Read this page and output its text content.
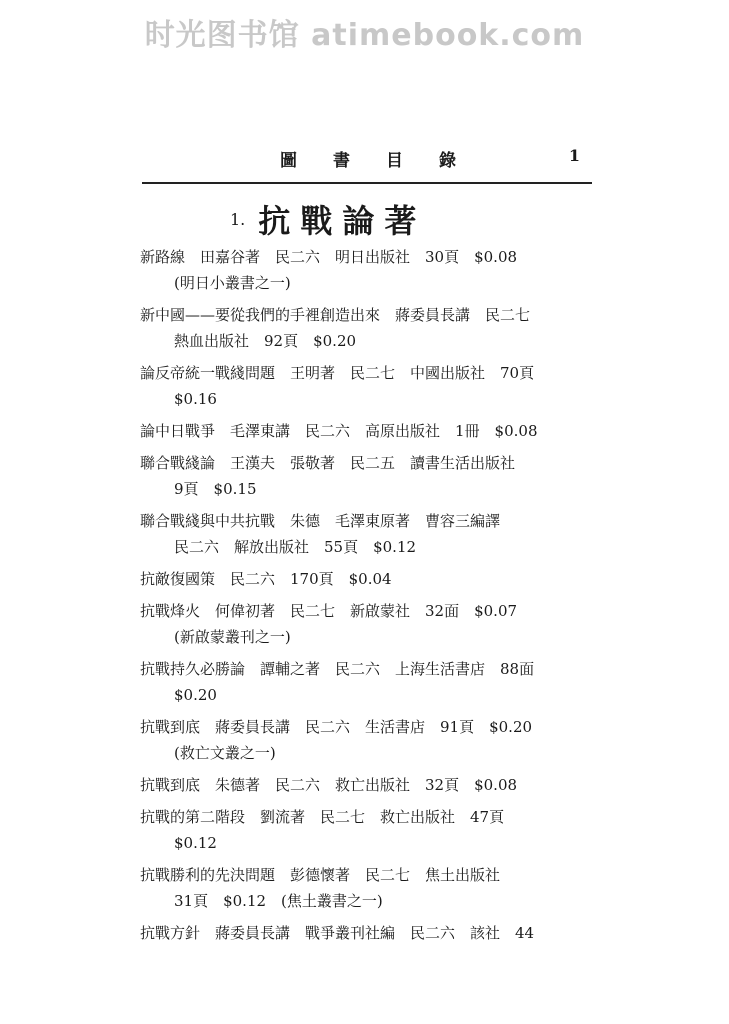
时光图书馆 atimebook.com
圖書目錄	1
1. 抗戰論著
新路線　田嘉谷著　民二六　明日出版社　30頁　$0.08
(明日小叢書之一)
新中國——要從我們的手裡創造出來　蔣委員長講　民二七
熱血出版社　92頁　$0.20
論反帝統一戰綫問題　王明著　民二七　中國出版社　70頁
$0.16
論中日戰爭　毛澤東講　民二六　高原出版社　1冊　$0.08
聯合戰綫論　王漢夫　張敬著　民二五　讀書生活出版社
9頁　$0.15
聯合戰綫與中共抗戰　朱德　毛澤東原著　曹容三編譯
民二六　解放出版社　55頁　$0.12
抗敵復國策　民二六　170頁　$0.04
抗戰烽火　何偉初著　民二七　新啟蒙社　32面　$0.07
(新啟蒙叢刊之一)
抗戰持久必勝論　譚輔之著　民二六　上海生活書店　88面
$0.20
抗戰到底　蔣委員長講　民二六　生活書店　91頁　$0.20
(救亡文叢之一)
抗戰到底　朱德著　民二六　救亡出版社　32頁　$0.08
抗戰的第二階段　劉流著　民二七　救亡出版社　47頁
$0.12
抗戰勝利的先決問題　彭德懷著　民二七　焦土出版社
31頁　$0.12　(焦土叢書之一)
抗戰方針　蔣委員長講　戰爭叢刊社編　民二六　該社　44
